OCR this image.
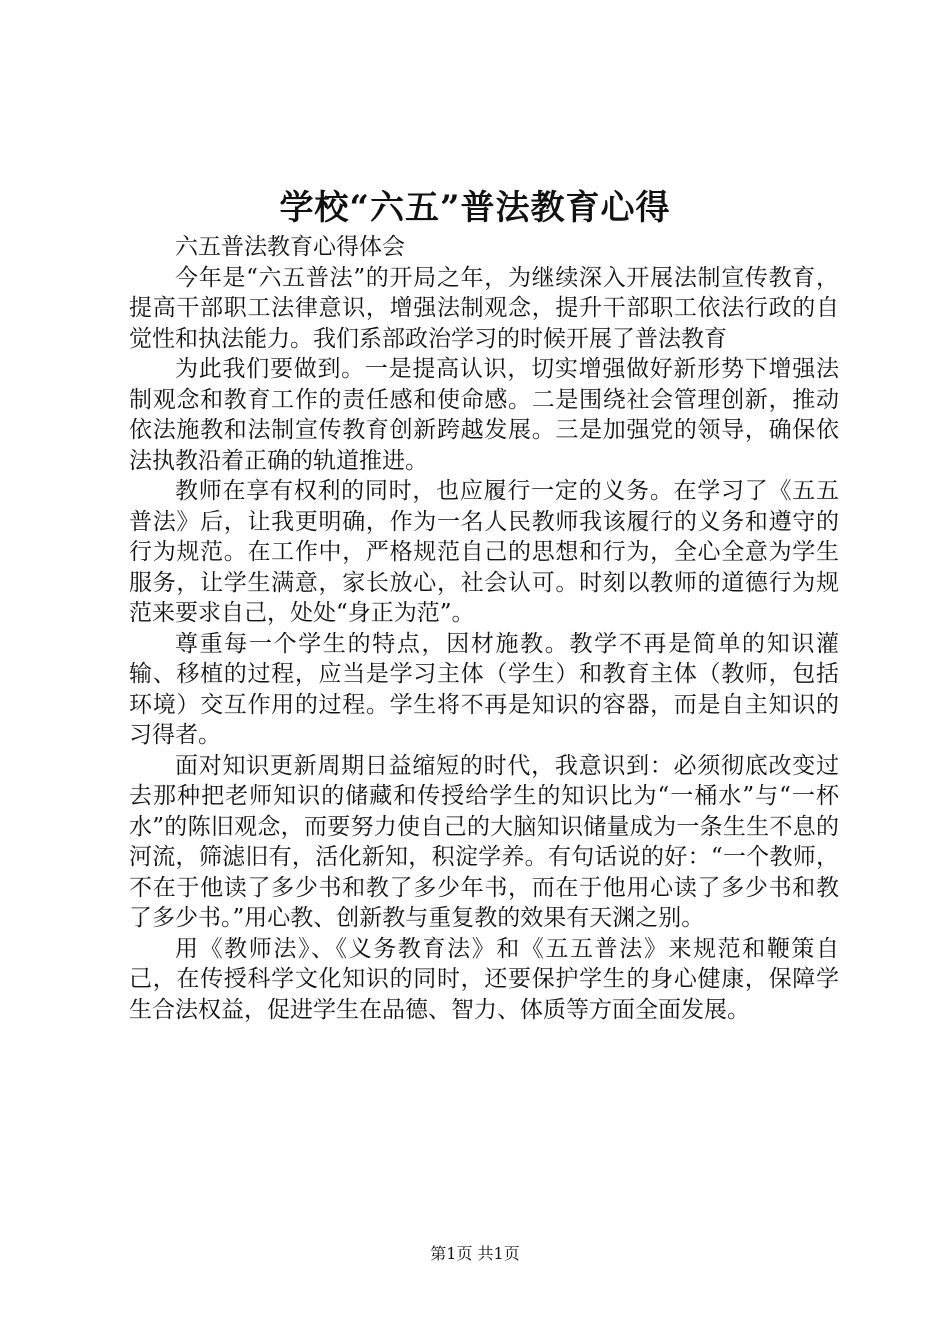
学校“六五”普法教育心得

六五普法教育心得体会

今年是“六五普法”的开局之年，为继续深入开展法制宣传教育，提高干部职工法律意识，增强法制观念，提升干部职工依法行政的自觉性和执法能力。我们系部政治学习的时候开展了普法教育

为此我们要做到。一是提高认识，切实增强做好新形势下增强法制观念和教育工作的责任感和使命感。二是围绕社会管理创新，推动依法施教和法制宣传教育创新跨越发展。三是加强党的领导，确保依法执教沿着正确的轨道推进。

教师在享有权利的同时，也应履行一定的义务。在学习了《五五普法》后，让我更明确，作为一名人民教师我该履行的义务和遵守的行为规范。在工作中，严格规范自己的思想和行为，全心全意为学生服务，让学生满意，家长放心，社会认可。时刻以教师的道德行为规范来要求自己，处处“身正为范”。

尊重每一个学生的特点，因材施教。教学不再是简单的知识灌输、移植的过程，应当是学习主体（学生）和教育主体（教师，包括环境）交互作用的过程。学生将不再是知识的容器，而是自主知识的习得者。

面对知识更新周期日益缩短的时代，我意识到：必须彻底改变过去那种把老师知识的储藏和传授给学生的知识比为“一桶水”与“一杯水”的陈旧观念，而要努力使自己的大脑知识储量成为一条生生不息的河流，筛滤旧有，活化新知，积淀学养。有句话说的好：“一个教师，不在于他读了多少书和教了多少年书，而在于他用心读了多少书和教了多少书。”用心教、创新教与重复教的效果有天渊之别。

用《教师法》、《义务教育法》和《五五普法》来规范和鞭策自己，在传授科学文化知识的同时，还要保护学生的身心健康，保障学生合法权益，促进学生在品德、智力、体质等方面全面发展。

第1页 共1页
